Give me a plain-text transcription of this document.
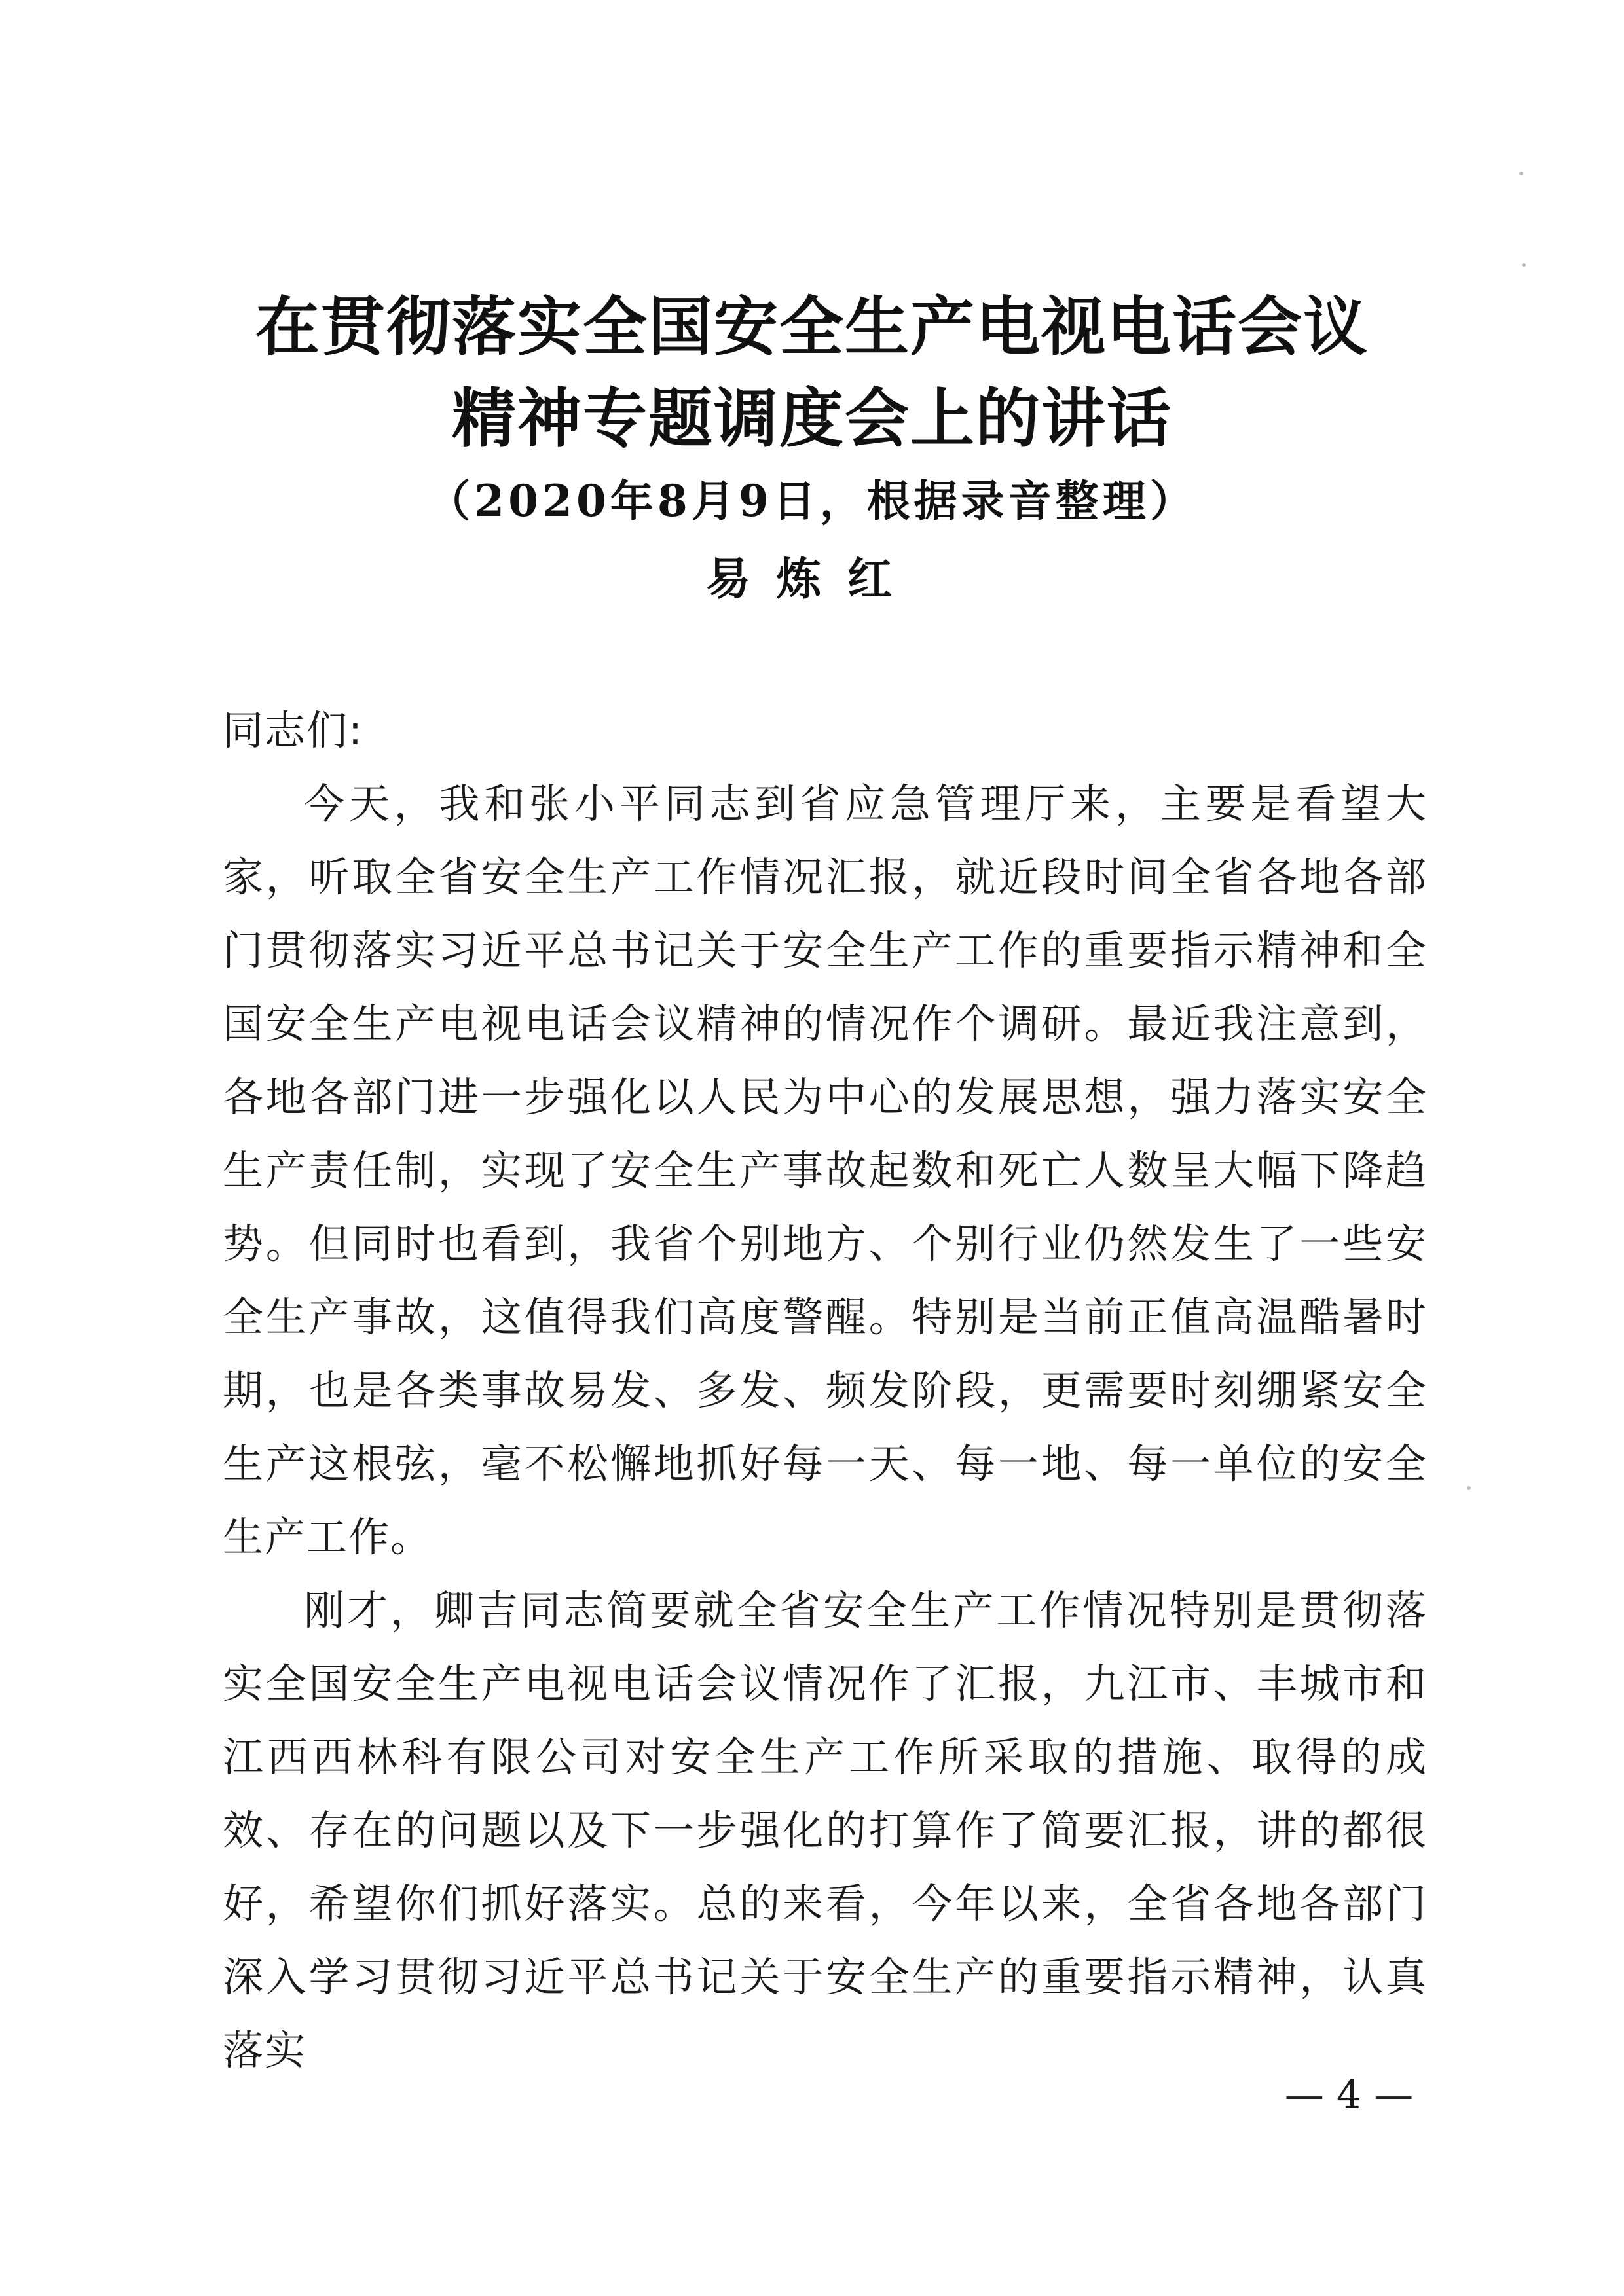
在贯彻落实全国安全生产电视电话会议
精神专题调度会上的讲话
（2020年8月9日，根据录音整理）
易炼红
同志们:

今天，我和张小平同志到省应急管理厅来，主要是看望大家，听取全省安全生产工作情况汇报，就近段时间全省各地各部门贯彻落实习近平总书记关于安全生产工作的重要指示精神和全国安全生产电视电话会议精神的情况作个调研。最近我注意到，各地各部门进一步强化以人民为中心的发展思想，强力落实安全生产责任制，实现了安全生产事故起数和死亡人数呈大幅下降趋势。但同时也看到，我省个别地方、个别行业仍然发生了一些安全生产事故，这值得我们高度警醒。特别是当前正值高温酷暑时期，也是各类事故易发、多发、频发阶段，更需要时刻绷紧安全生产这根弦，毫不松懈地抓好每一天、每一地、每一单位的安全生产工作。

刚才，卿吉同志简要就全省安全生产工作情况特别是贯彻落实全国安全生产电视电话会议情况作了汇报，九江市、丰城市和江西西林科有限公司对安全生产工作所采取的措施、取得的成效、存在的问题以及下一步强化的打算作了简要汇报，讲的都很好，希望你们抓好落实。总的来看，今年以来，全省各地各部门深入学习贯彻习近平总书记关于安全生产的重要指示精神，认真落实

— 4 —
